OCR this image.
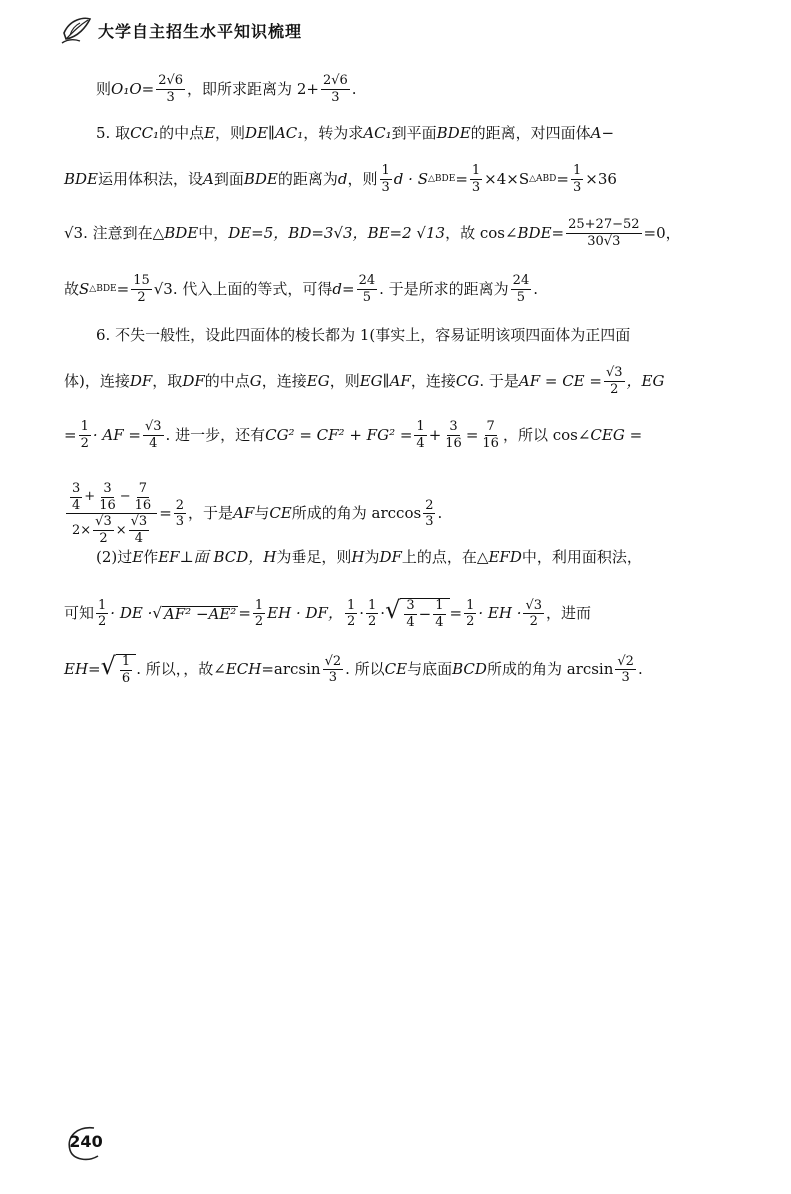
大学自主招生水平知识梳理
则 $O_1O= \frac{2√6}{3}$ ，即所求距离为 $2+ \frac{2√6}{3}$ .
5. 取 CC₁ 的中点 E ，则 DE∥AC₁ ，转为求 AC₁ 到平面 BDE 的距离，对四面体 A−
BDE 运用体积法，设 A 到面 BDE 的距离为 d ，则 $\frac{1}{3}$ d · S △BDE = $\frac{1}{3} \times 4\times S$ △ABD = $\frac{1}{3} \times 36$
√3 . 注意到在△ BDE 中， DE=5， BD=3√3， BE=2 √13 ，故 cos∠ $BDE= \frac{25+27-52}{30√3} =0$，
故 S △BDE = $\frac{15}{2} √3$ . 代入上面的等式，可得 $d= \frac{24}{5}$ . 于是所求的距离为 $\frac{24}{5}$ .
6. 不失一般性，设此四面体的棱长都为 1(事实上，容易证明该项四面体为正四面
体)，连接 DF ，取 DF 的中点 G ，连接 EG ，则 EG∥AF ，连接 CG . 于是 AF = CE = $\frac{√3}{2}$ ，EG
= $\frac{1}{2}$ · AF = $\frac{√3}{4}$ . 进一步，还有 $CG^2 = CF^2 + FG^2 = \frac{1}{4} + \frac{3}{16} = \frac{7}{16}$ ，所以 cos∠ CEG =
$\frac{\frac{3}{4} + \frac{3}{16} - \frac{7}{16}}{2 \times \frac{√3}{2} \times \frac{√3}{4}} = \frac{2}{3}$ ，于是 AF 与 CE 所成的角为 $\arccos \frac{2}{3}$ .
(2)过 E 作 EF⊥面 BCD， H 为垂足，则 H 为 DF 上的点，在△ EFD 中，利用面积法，
可知 $\frac{1}{2}$ · DE · √ $AF^2 -AE^2 = \frac{1}{2}$ EH · DF， $\frac{1}{2} \cdot \frac{1}{2}$ · √ $\frac{3}{4} - \frac{1}{4} = \frac{1}{2}$ · EH · $\frac{√3}{2}$ ，进而
EH= √ $\frac{1}{6}$ . 所以，，故∠ ECH $=\arcsin \frac{√2}{3}$ . 所以 CE 与底面 BCD 所成的角为 $\arcsin \frac{√2}{3}$ .
240
